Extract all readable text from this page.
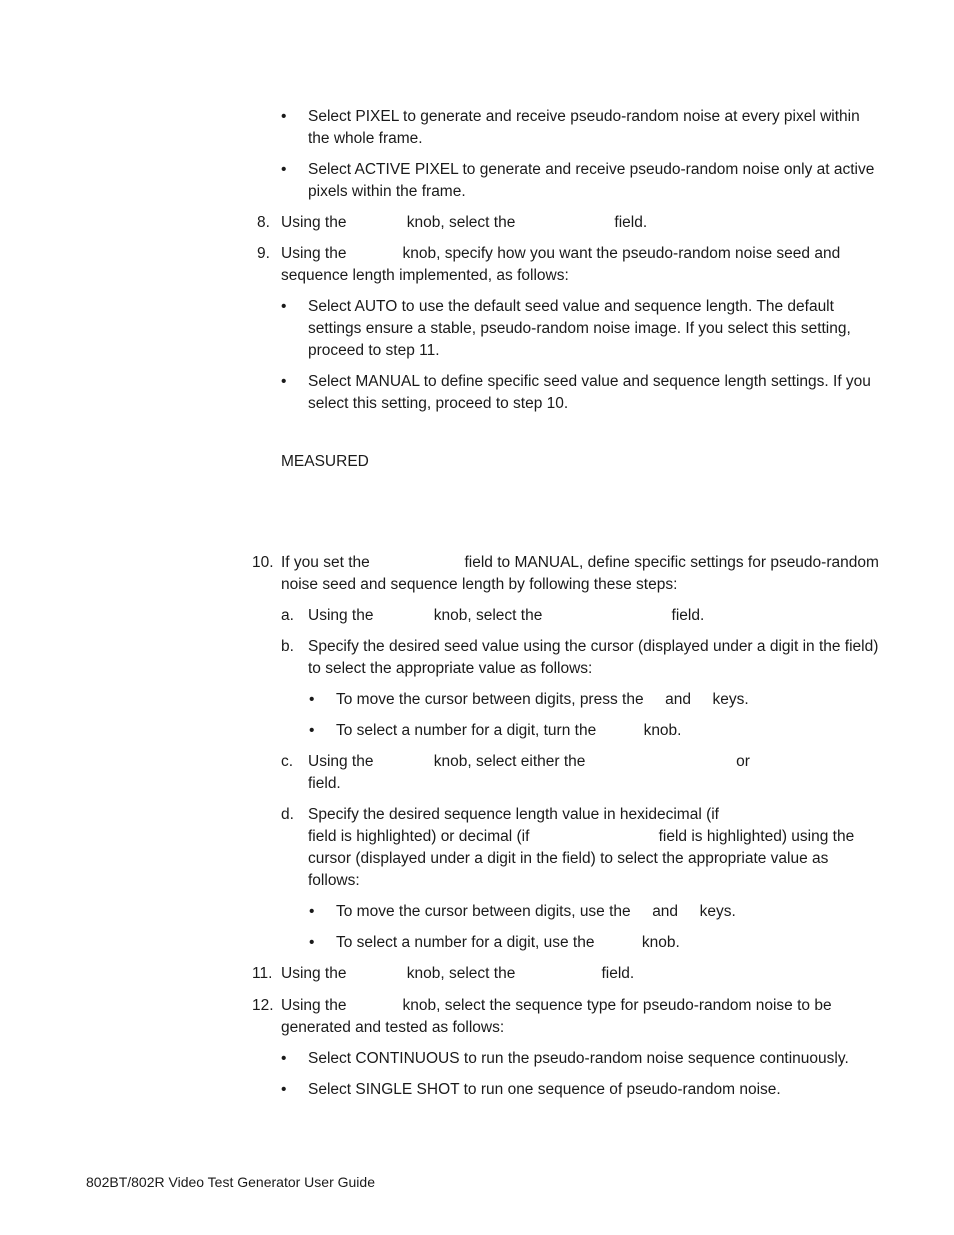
• Select PIXEL to generate and receive pseudo-random noise at every pixel within
the whole frame.
• Select ACTIVE PIXEL to generate and receive pseudo-random noise only at active
pixels within the frame.
8. Using the              knob, select the                       field.
9. Using the             knob, specify how you want the pseudo-random noise seed and
sequence length implemented, as follows:
• Select AUTO to use the default seed value and sequence length. The default
settings ensure a stable, pseudo-random noise image. If you select this setting,
proceed to step 11.
• Select MANUAL to define specific seed value and sequence length settings. If you
select this setting, proceed to step 10.
MEASURED
10. If you set the                      field to MANUAL, define specific settings for pseudo-random
noise seed and sequence length by following these steps:
a. Using the              knob, select the                              field.
b. Specify the desired seed value using the cursor (displayed under a digit in the field)
to select the appropriate value as follows:
• To move the cursor between digits, press the     and     keys.
• To select a number for a digit, turn the           knob.
c. Using the              knob, select either the                                   or
field.
d. Specify the desired sequence length value in hexidecimal (if
field is highlighted) or decimal (if                              field is highlighted) using the
cursor (displayed under a digit in the field) to select the appropriate value as
follows:
• To move the cursor between digits, use the     and     keys.
• To select a number for a digit, use the           knob.
11. Using the              knob, select the                    field.
12. Using the             knob, select the sequence type for pseudo-random noise to be
generated and tested as follows:
• Select CONTINUOUS to run the pseudo-random noise sequence continuously.
• Select SINGLE SHOT to run one sequence of pseudo-random noise.
802BT/802R Video Test Generator User Guide
